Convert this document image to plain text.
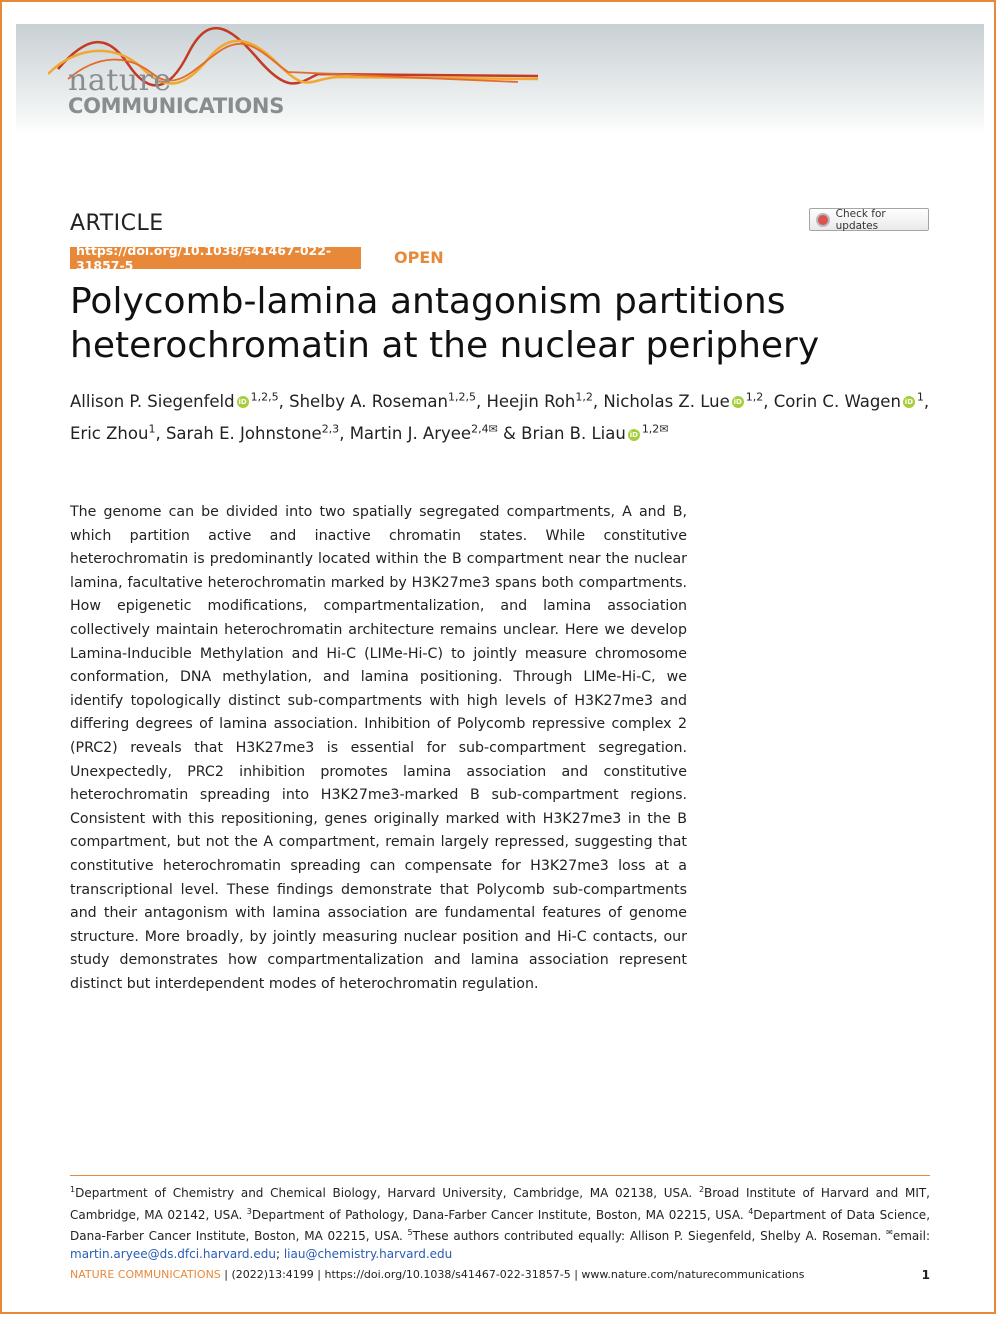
nature
COMMUNICATIONS
ARTICLE	Check for updates
https://doi.org/10.1038/s41467-022-31857-5	OPEN
Polycomb-lamina antagonism partitions heterochromatin at the nuclear periphery
Allison P. Siegenfeld iD $^{1,2,5}$, Shelby A. Roseman$^{1,2,5}$, Heejin Roh$^{1,2}$, Nicholas Z. Lue iD $^{1,2}$, Corin C. Wagen iD $^1$, Eric Zhou$^1$, Sarah E. Johnstone$^{2,3}$, Martin J. Aryee$^{2,4✉}$ & Brian B. Liau iD $^{1,2✉}$

The genome can be divided into two spatially segregated compartments, A and B, which partition active and inactive chromatin states. While constitutive heterochromatin is predominantly located within the B compartment near the nuclear lamina, facultative heterochromatin marked by H3K27me3 spans both compartments. How epigenetic modifications, compartmentalization, and lamina association collectively maintain heterochromatin architecture remains unclear. Here we develop Lamina-Inducible Methylation and Hi-C (LIMe-Hi-C) to jointly measure chromosome conformation, DNA methylation, and lamina positioning. Through LIMe-Hi-C, we identify topologically distinct sub-compartments with high levels of H3K27me3 and differing degrees of lamina association. Inhibition of Polycomb repressive complex 2 (PRC2) reveals that H3K27me3 is essential for sub-compartment segregation. Unexpectedly, PRC2 inhibition promotes lamina association and constitutive heterochromatin spreading into H3K27me3-marked B sub-compartment regions. Consistent with this repositioning, genes originally marked with H3K27me3 in the B compartment, but not the A compartment, remain largely repressed, suggesting that constitutive heterochromatin spreading can compensate for H3K27me3 loss at a transcriptional level. These findings demonstrate that Polycomb sub-compartments and their antagonism with lamina association are fundamental features of genome structure. More broadly, by jointly measuring nuclear position and Hi-C contacts, our study demonstrates how compartmentalization and lamina association represent distinct but interdependent modes of heterochromatin regulation.

$^1$Department of Chemistry and Chemical Biology, Harvard University, Cambridge, MA 02138, USA. $^2$Broad Institute of Harvard and MIT, Cambridge, MA 02142, USA. $^3$Department of Pathology, Dana-Farber Cancer Institute, Boston, MA 02215, USA. $^4$Department of Data Science, Dana-Farber Cancer Institute, Boston, MA 02215, USA. $^5$These authors contributed equally: Allison P. Siegenfeld, Shelby A. Roseman. ✉email: martin.aryee@ds.dfci.harvard.edu; liau@chemistry.harvard.edu
NATURE COMMUNICATIONS | (2022)13:4199 | https://doi.org/10.1038/s41467-022-31857-5 | www.nature.com/naturecommunications	1
